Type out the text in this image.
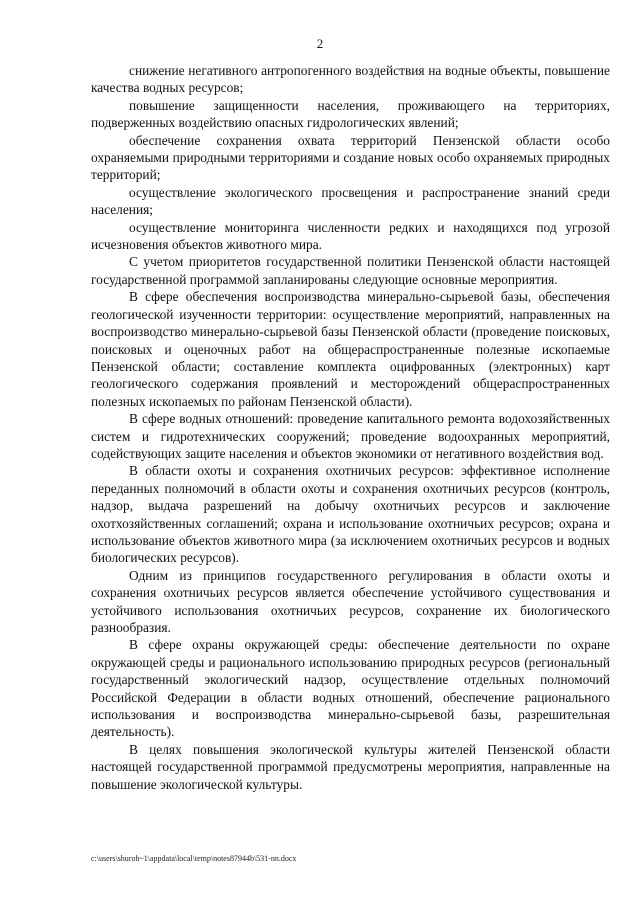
2

снижение негативного антропогенного воздействия на водные объекты, повышение качества водных ресурсов;

повышение защищенности населения, проживающего на территориях, подверженных воздействию опасных гидрологических явлений;

обеспечение сохранения охвата территорий Пензенской области особо охраняемыми природными территориями и создание новых особо охраняемых природных территорий;

осуществление экологического просвещения и распространение знаний среди населения;

осуществление мониторинга численности редких и находящихся под угрозой исчезновения объектов животного мира.

С учетом приоритетов государственной политики Пензенской области настоящей государственной программой запланированы следующие основные мероприятия.

В сфере обеспечения воспроизводства минерально-сырьевой базы, обеспечения геологической изученности территории: осуществление мероприятий, направленных на воспроизводство минерально-сырьевой базы Пензенской области (проведение поисковых, поисковых и оценочных работ на общераспространенные полезные ископаемые Пензенской области; составление комплекта оцифрованных (электронных) карт геологического содержания проявлений и месторождений общераспространенных полезных ископаемых по районам Пензенской области).

В сфере водных отношений: проведение капитального ремонта водохозяйственных систем и гидротехнических сооружений; проведение водоохранных мероприятий, содействующих защите населения и объектов экономики от негативного воздействия вод.

В области охоты и сохранения охотничьих ресурсов: эффективное исполнение переданных полномочий в области охоты и сохранения охотничьих ресурсов (контроль, надзор, выдача разрешений на добычу охотничьих ресурсов и заключение охотхозяйственных соглашений; охрана и использование охотничьих ресурсов; охрана и использование объектов животного мира (за исключением охотничьих ресурсов и водных биологических ресурсов).

Одним из принципов государственного регулирования в области охоты и сохранения охотничьих ресурсов является обеспечение устойчивого существования и устойчивого использования охотничьих ресурсов, сохранение их биологического разнообразия.

В сфере охраны окружающей среды: обеспечение деятельности по охране окружающей среды и рационального использованию природных ресурсов (региональный государственный экологический надзор, осуществление отдельных полномочий Российской Федерации в области водных отношений, обеспечение рационального использования и воспроизводства минерально-сырьевой базы, разрешительная деятельность).

В целях повышения экологической культуры жителей Пензенской области настоящей государственной программой предусмотрены мероприятия, направленные на повышение экологической культуры.

c:\users\shuroh~1\appdata\local\temp\notes87944b\531-nn.docx
